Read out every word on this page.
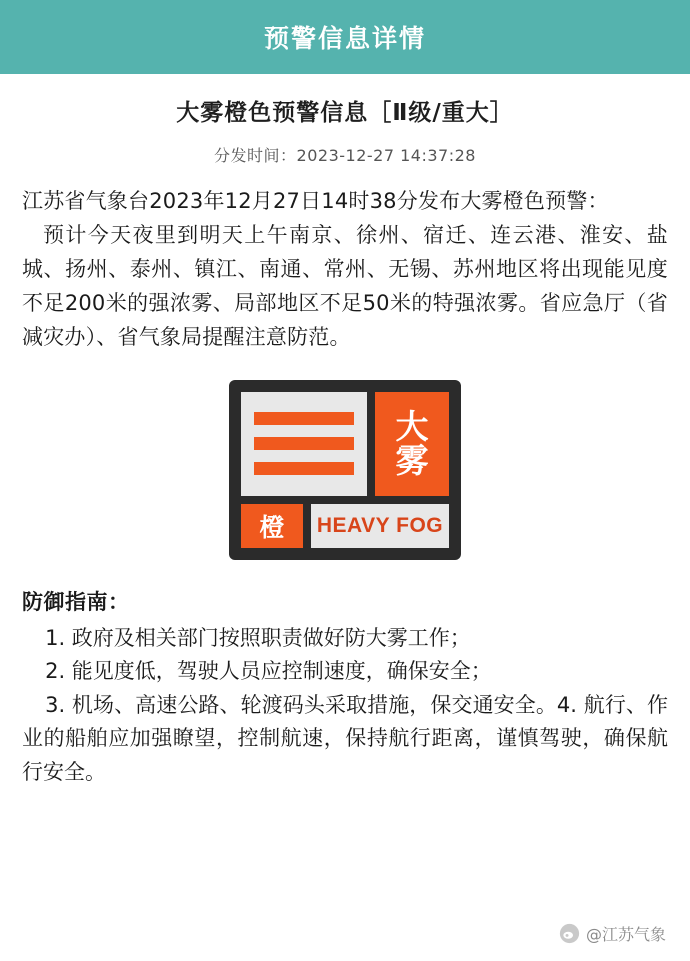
预警信息详情
大雾橙色预警信息［Ⅱ级/重大］
分发时间：2023-12-27 14:37:28

江苏省气象台2023年12月27日14时38分发布大雾橙色预警：

预计今天夜里到明天上午南京、徐州、宿迁、连云港、淮安、盐城、扬州、泰州、镇江、南通、常州、无锡、苏州地区将出现能见度不足200米的强浓雾、局部地区不足50米的特强浓雾。省应急厅（省减灾办）、省气象局提醒注意防范。

大
雾
橙	HEAVY FOG
防御指南：
1. 政府及相关部门按照职责做好防大雾工作；
2. 能见度低，驾驶人员应控制速度，确保安全；
3. 机场、高速公路、轮渡码头采取措施，保交通安全。4. 航行、作业的船舶应加强瞭望，控制航速，保持航行距离，谨慎驾驶，确保航行安全。
@江苏气象
